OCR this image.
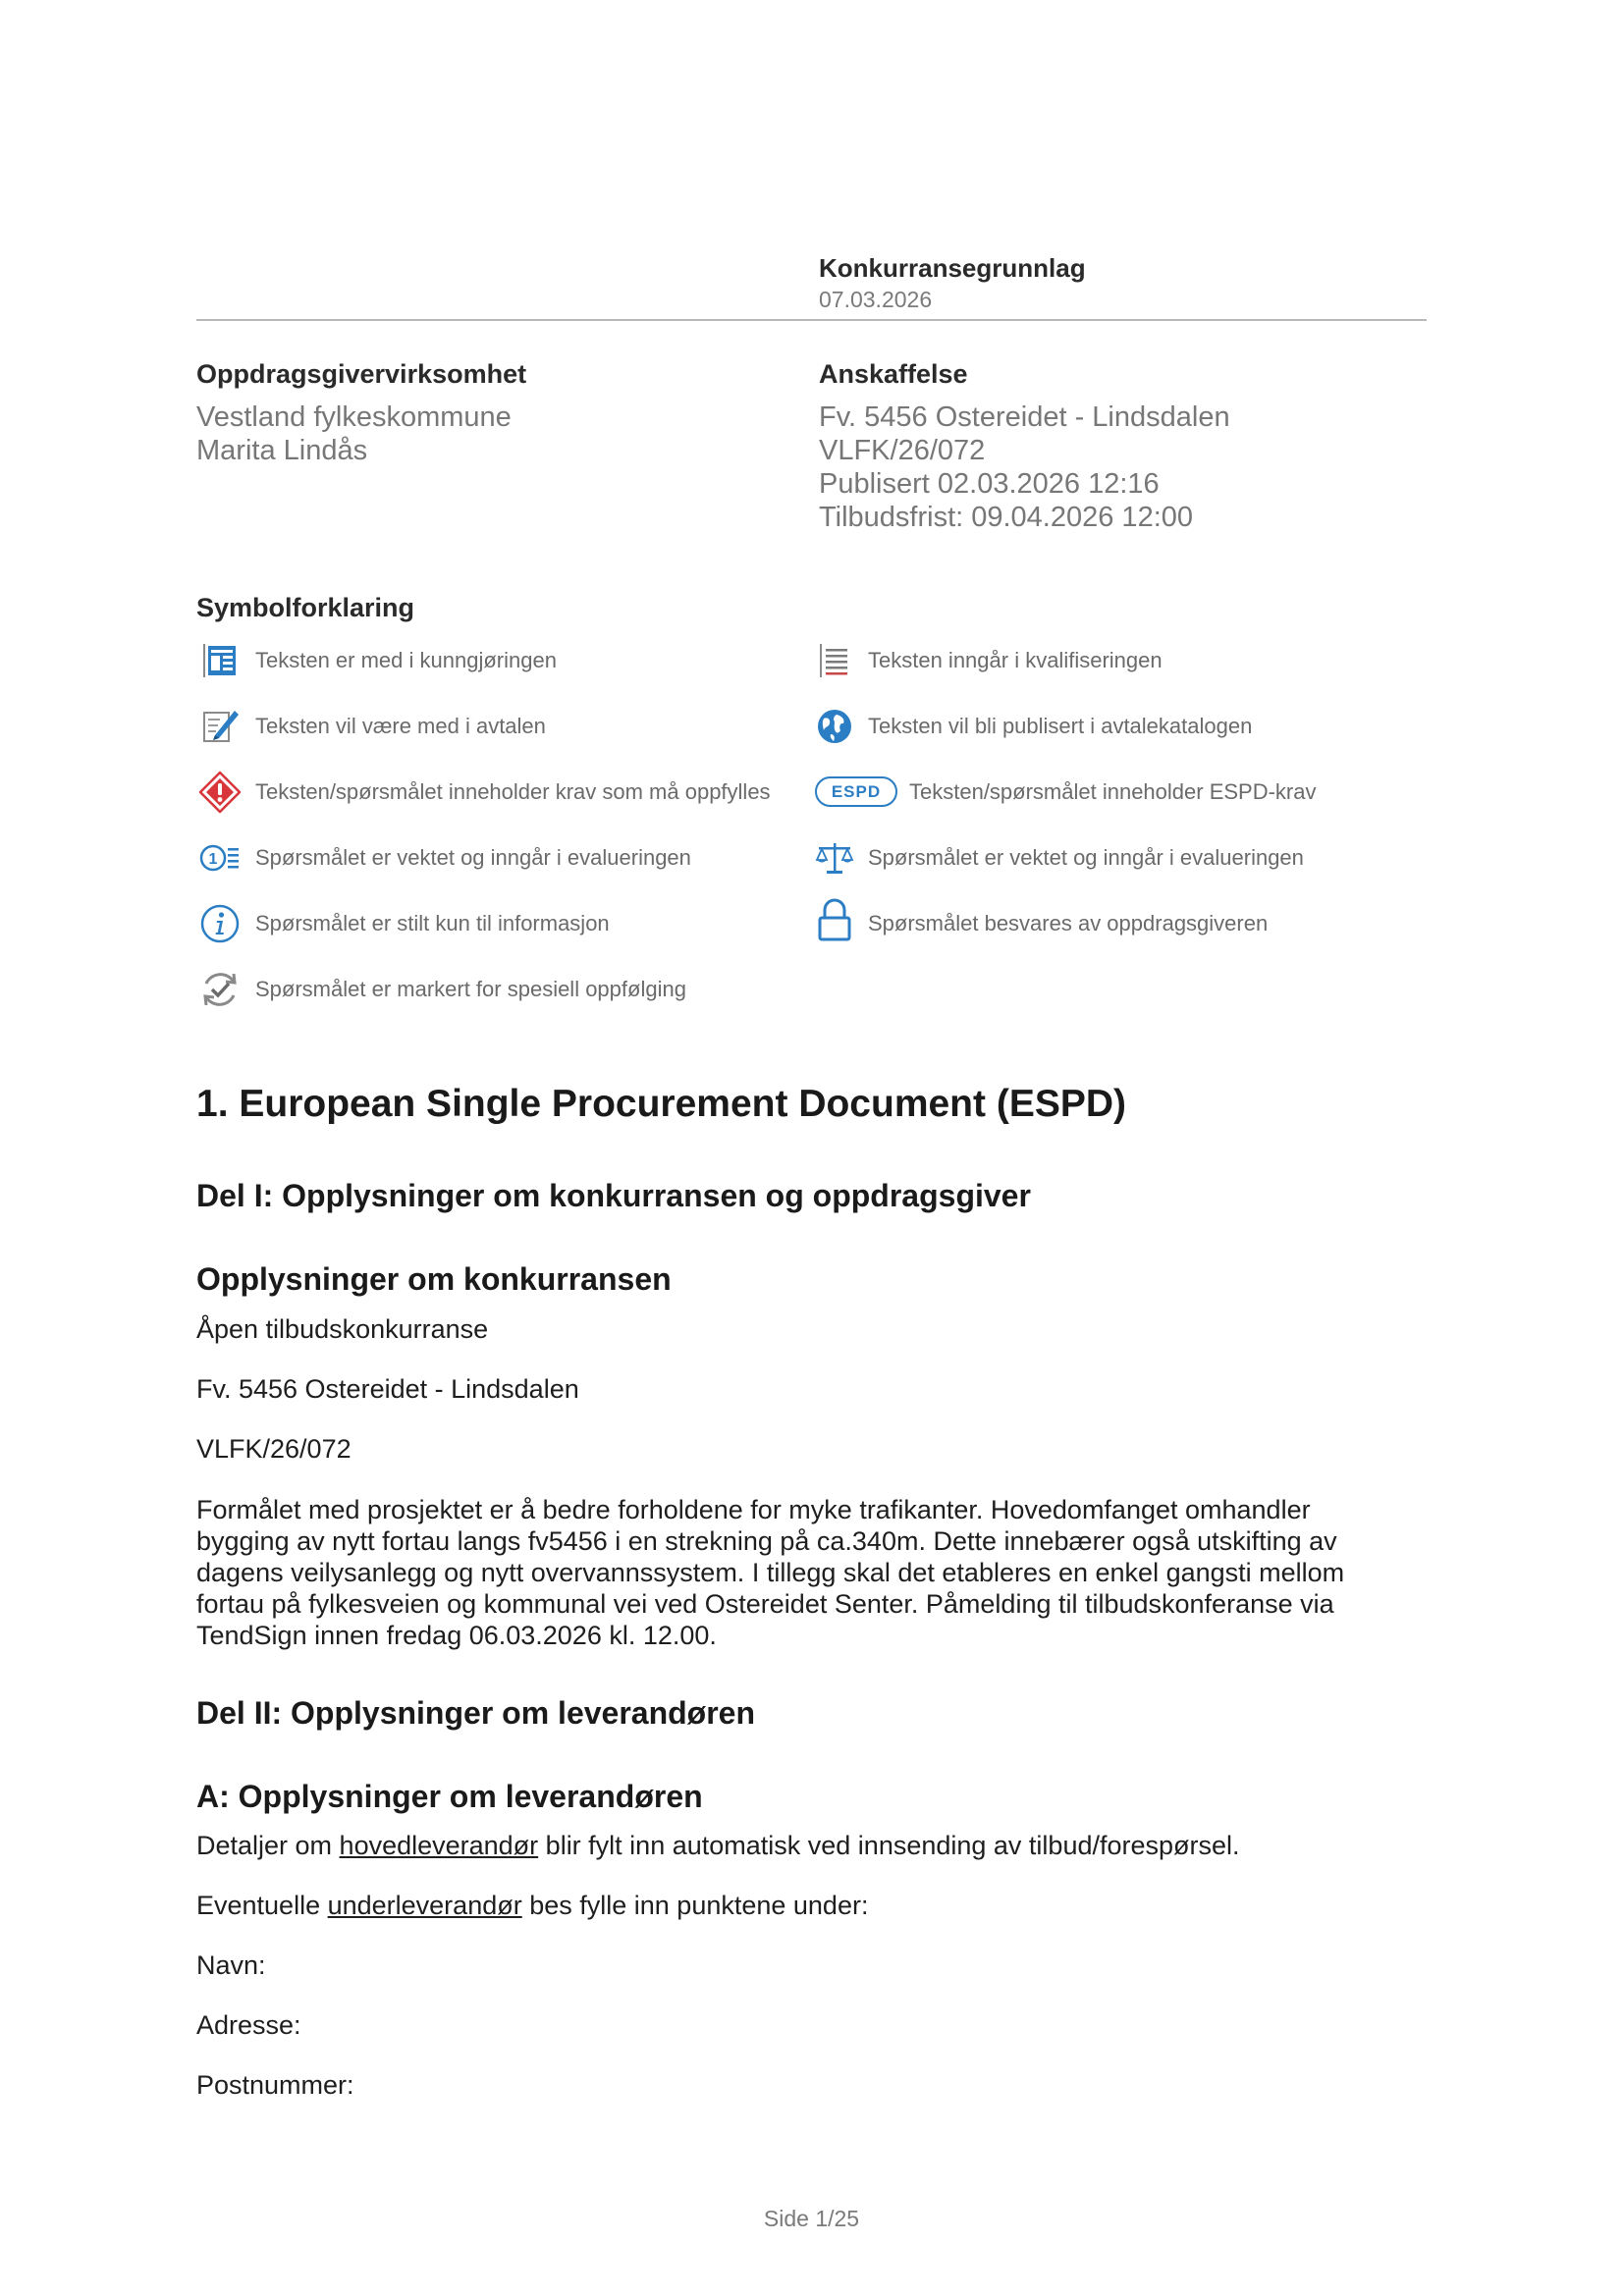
Konkurransegrunnlag
07.03.2026
Oppdragsgivervirksomhet
Vestland fylkeskommune
Marita Lindås
Anskaffelse
Fv. 5456 Ostereidet - Lindsdalen
VLFK/26/072
Publisert 02.03.2026 12:16
Tilbudsfrist: 09.04.2026 12:00
Symbolforklaring
Teksten er med i kunngjøringen	Teksten inngår i kvalifiseringen
Teksten vil være med i avtalen	Teksten vil bli publisert i avtalekatalogen
Teksten/spørsmålet inneholder krav som må oppfylles	ESPD Teksten/spørsmålet inneholder ESPD-krav
1 Spørsmålet er vektet og inngår i evalueringen	Spørsmålet er vektet og inngår i evalueringen
Spørsmålet er stilt kun til informasjon	Spørsmålet besvares av oppdragsgiveren
Spørsmålet er markert for spesiell oppfølging
1. European Single Procurement Document (ESPD)
Del I: Opplysninger om konkurransen og oppdragsgiver
Opplysninger om konkurransen
Åpen tilbudskonkurranse
Fv. 5456 Ostereidet - Lindsdalen
VLFK/26/072
Formålet med prosjektet er å bedre forholdene for myke trafikanter. Hovedomfanget omhandler
bygging av nytt fortau langs fv5456 i en strekning på ca.340m. Dette innebærer også utskifting av
dagens veilysanlegg og nytt overvannssystem. I tillegg skal det etableres en enkel gangsti mellom
fortau på fylkesveien og kommunal vei ved Ostereidet Senter. Påmelding til tilbudskonferanse via
TendSign innen fredag 06.03.2026 kl. 12.00.
Del II: Opplysninger om leverandøren
A: Opplysninger om leverandøren
Detaljer om hovedleverandør blir fylt inn automatisk ved innsending av tilbud/forespørsel.
Eventuelle underleverandør bes fylle inn punktene under:
Navn:
Adresse:
Postnummer:
Side 1/25
